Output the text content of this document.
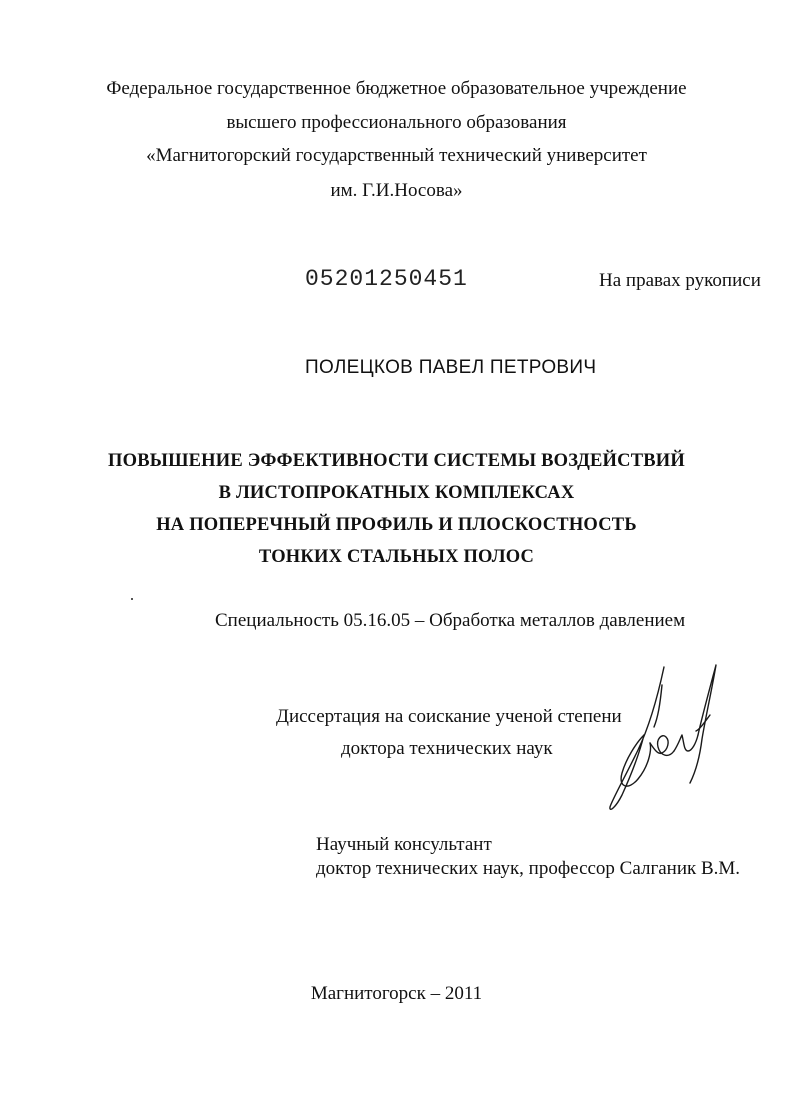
Федеральное государственное бюджетное образовательное учреждение
высшего профессионального образования
«Магнитогорский государственный технический университет
им. Г.И.Носова»
05201250451	На правах рукописи
ПОЛЕЦКОВ ПАВЕЛ ПЕТРОВИЧ
ПОВЫШЕНИЕ ЭФФЕКТИВНОСТИ СИСТЕМЫ ВОЗДЕЙСТВИЙ
В ЛИСТОПРОКАТНЫХ КОМПЛЕКСАХ
НА ПОПЕРЕЧНЫЙ ПРОФИЛЬ И ПЛОСКОСТНОСТЬ
ТОНКИХ СТАЛЬНЫХ ПОЛОС
Специальность 05.16.05 – Обработка металлов давлением
Диссертация на соискание ученой степени
доктора технических наук
Научный консультант
доктор технических наук, профессор Салганик В.М.
Магнитогорск – 2011
